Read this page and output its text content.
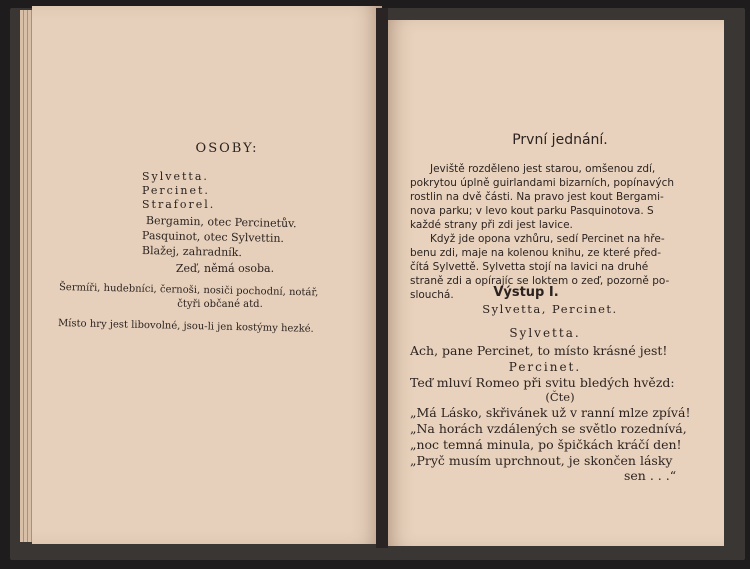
OSOBY:
Sylvetta.
Percinet.
Straforel.
Bergamin, otec Percinetův.
Pasquinot, otec Sylvettin.
Blažej, zahradník.
Zeď, němá osoba.
Šermíři, hudebníci, černoši, nosiči pochodní, notář,
čtyři občané atd.
Místo hry jest libovolné, jsou-li jen kostýmy hezké.
První jednání.
Jeviště rozděleno jest starou, omšenou zdí,
pokrytou úplně guirlandami bizarních, popínavých
rostlin na dvě části. Na pravo jest kout Bergami-
nova parku; v levo kout parku Pasquinotova. S
každé strany při zdi jest lavice.
Když jde opona vzhůru, sedí Percinet na hře-
benu zdi, maje na kolenou knihu, ze které před-
čítá Sylvettě. Sylvetta stojí na lavici na druhé
straně zdi a opírajíc se loktem o zeď, pozorně po-
slouchá.	Výstup I.
Sylvetta, Percinet.
Sylvetta.
Ach, pane Percinet, to místo krásné jest!
Percinet.
Teď mluví Romeo při svitu bledých hvězd:
(Čte)
„Má Lásko, skřivánek už v ranní mlze zpívá!
„Na horách vzdálených se světlo rozednívá,
„noc temná minula, po špičkách kráčí den!
„Pryč musím uprchnout, je skončen lásky
sen . . .“
